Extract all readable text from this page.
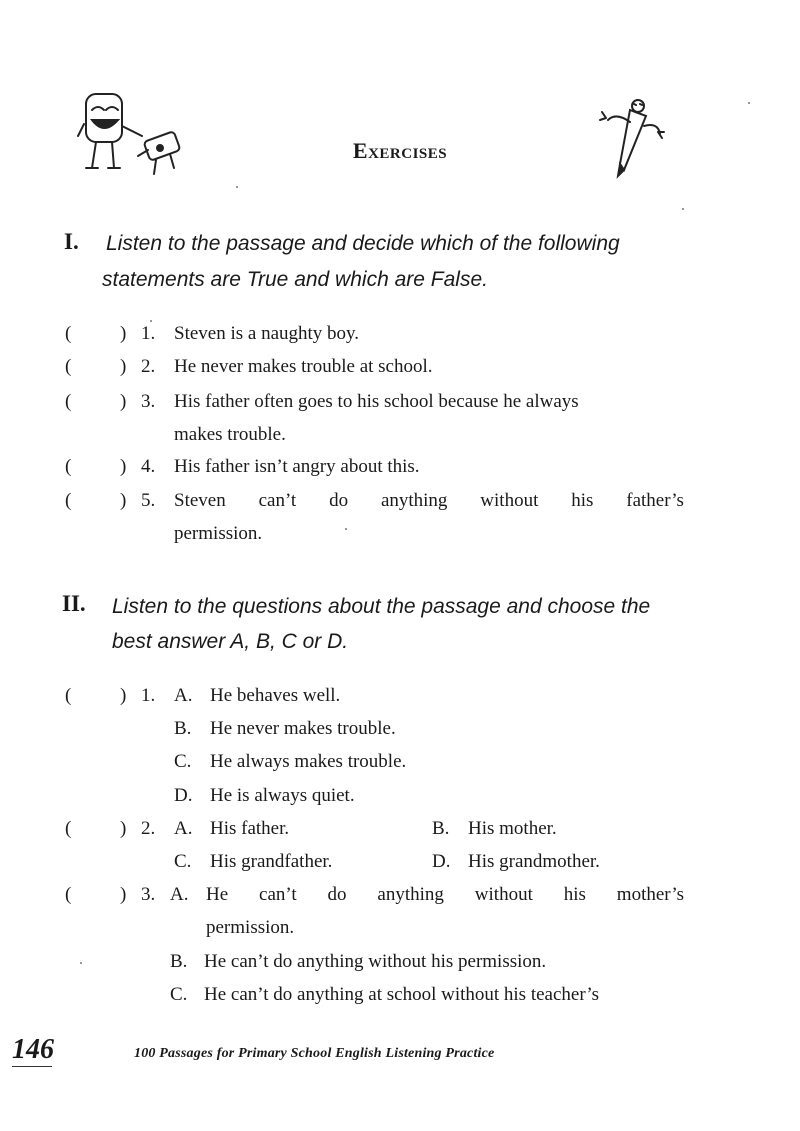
Exercises
I. Listen to the passage and decide which of the following
statements are True and which are False.
(	) 1. Steven is a naughty boy.
(	) 2. He never makes trouble at school.
(	) 3. His father often goes to his school because he always
makes trouble.
(	) 4. His father isn’t angry about this.
(	) 5. Steven can’t do anything without his father’s
permission.
II. Listen to the questions about the passage and choose the
best answer A, B, C or D.
(	) 1. A. He behaves well.
B. He never makes trouble.
C. He always makes trouble.
D. He is always quiet.
(	) 2. A. His father.	B. His mother.
C. His grandfather.	D. His grandmother.
(	) 3. A. He can’t do anything without his mother’s
permission.
B. He can’t do anything without his permission.
C. He can’t do anything at school without his teacher’s
146	100 Passages for Primary School English Listening Practice
